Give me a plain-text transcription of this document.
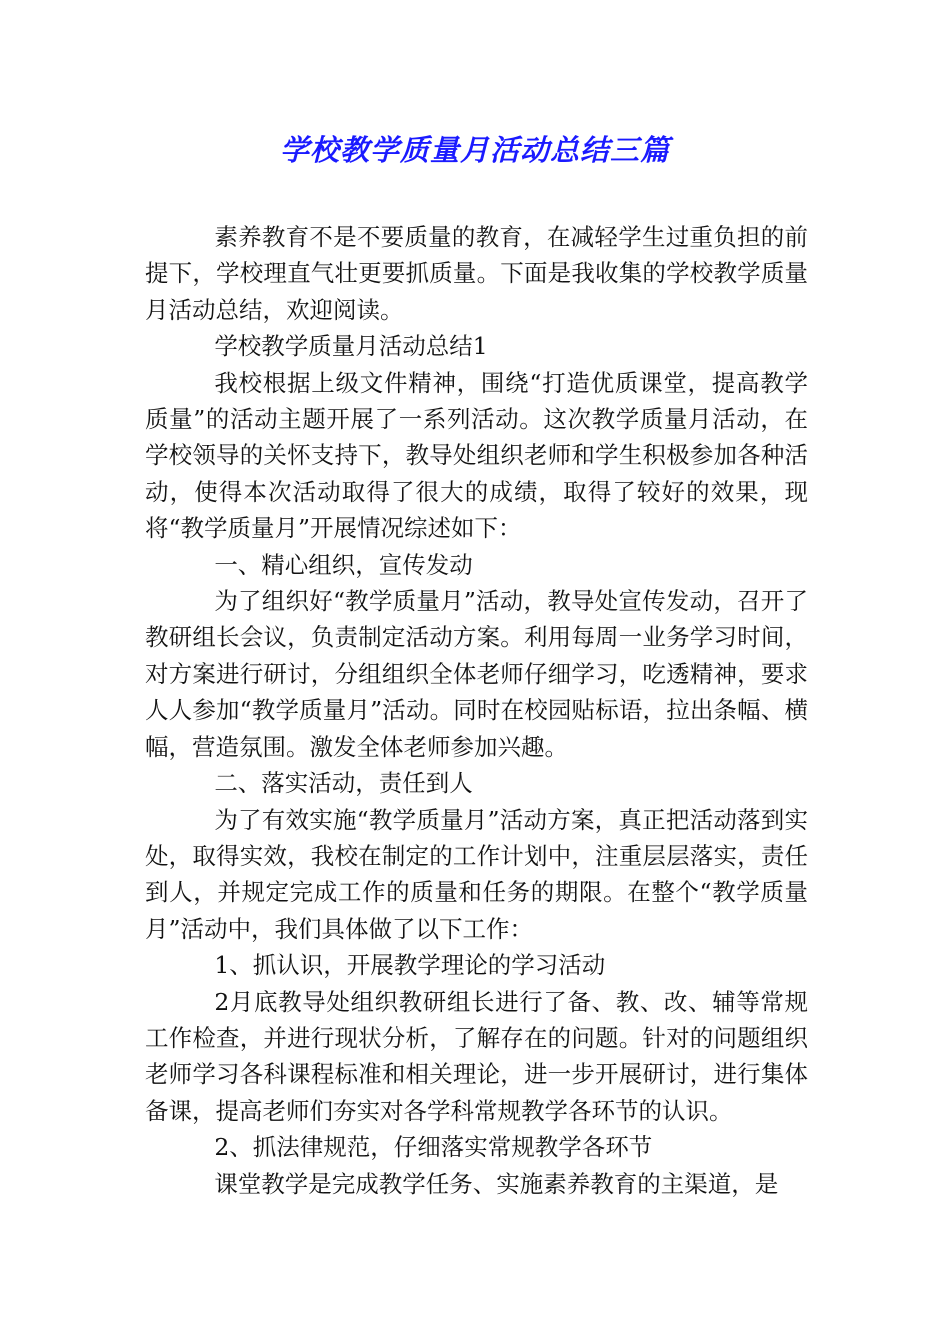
学校教学质量月活动总结三篇

素养教育不是不要质量的教育，在减轻学生过重负担的前提下，学校理直气壮更要抓质量。下面是我收集的学校教学质量月活动总结，欢迎阅读。

学校教学质量月活动总结1

我校根据上级文件精神，围绕“打造优质课堂，提高教学质量”的活动主题开展了一系列活动。这次教学质量月活动，在学校领导的关怀支持下，教导处组织老师和学生积极参加各种活动，使得本次活动取得了很大的成绩，取得了较好的效果，现将“教学质量月”开展情况综述如下：

一、精心组织，宣传发动

为了组织好“教学质量月”活动，教导处宣传发动，召开了教研组长会议，负责制定活动方案。利用每周一业务学习时间，对方案进行研讨，分组组织全体老师仔细学习，吃透精神，要求人人参加“教学质量月”活动。同时在校园贴标语，拉出条幅、横幅，营造氛围。激发全体老师参加兴趣。

二、落实活动，责任到人

为了有效实施“教学质量月”活动方案，真正把活动落到实处，取得实效，我校在制定的工作计划中，注重层层落实，责任到人，并规定完成工作的质量和任务的期限。在整个“教学质量月”活动中，我们具体做了以下工作：

1、抓认识，开展教学理论的学习活动

2月底教导处组织教研组长进行了备、教、改、辅等常规工作检查，并进行现状分析，了解存在的问题。针对的问题组织老师学习各科课程标准和相关理论，进一步开展研讨，进行集体备课，提高老师们夯实对各学科常规教学各环节的认识。

2、抓法律规范，仔细落实常规教学各环节

课堂教学是完成教学任务、实施素养教育的主渠道，是
